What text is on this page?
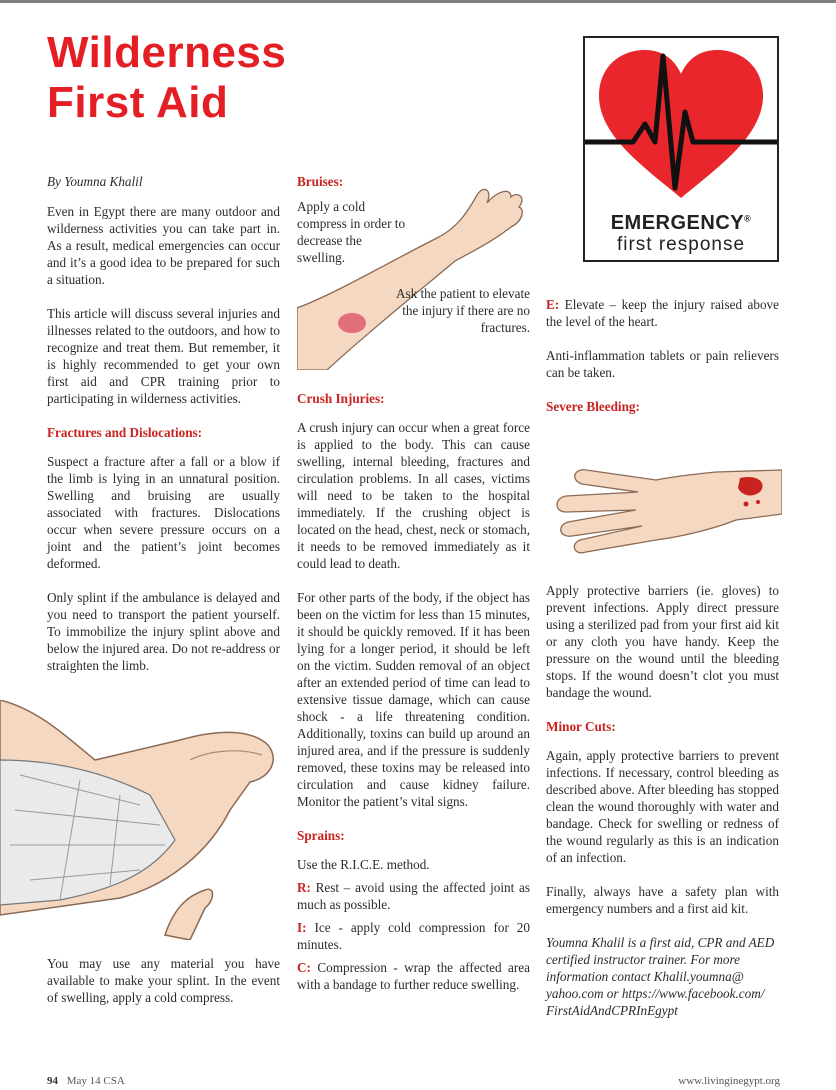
Wilderness
First Aid
EMERGENCY®
first response

By Youmna Khalil

Even in Egypt there are many outdoor and wilderness activities you can take part in. As a result, medical emergencies can occur and it’s a good idea to be prepared for such a situation.

This article will discuss several injuries and illnesses related to the outdoors, and how to recognize and treat them. But remember, it is highly recommended to get your own first aid and CPR training prior to participating in wilderness activities.

Fractures and Dislocations:

Suspect a fracture after a fall or a blow if the limb is lying in an unnatural position. Swelling and bruising are usually associated with fractures. Dislocations occur when severe pressure occurs on a joint and the patient’s joint becomes deformed.

Only splint if the ambulance is delayed and you need to transport the patient yourself. To immobilize the injury splint above and below the injured area. Do not re-address or straighten the limb.

You may use any material you have available to make your splint. In the event of swelling, apply a cold compress.

Bruises:

Apply a cold compress in order to decrease the swelling.

Ask the patient to elevate the injury if there are no fractures.

Crush Injuries:

A crush injury can occur when a great force is applied to the body. This can cause swelling, internal bleeding, fractures and circulation problems. In all cases, victims will need to be taken to the hospital immediately. If the crushing object is located on the head, chest, neck or stomach, it needs to be removed immediately as it could lead to death.

For other parts of the body, if the object has been on the victim for less than 15 minutes, it should be quickly removed. If it has been lying for a longer period, it should be left on the victim. Sudden removal of an object after an extended period of time can lead to extensive tissue damage, which can cause shock - a life threatening condition. Additionally, toxins can build up around an injured area, and if the pressure is suddenly removed, these toxins may be released into circulation and cause kidney failure. Monitor the patient’s vital signs.

Sprains:

Use the R.I.C.E. method.

R: Rest – avoid using the affected joint as much as possible.

I: Ice - apply cold compression for 20 minutes.

C: Compression - wrap the affected area with a bandage to further reduce swelling.

E: Elevate – keep the injury raised above the level of the heart.

Anti-inflammation tablets or pain relievers can be taken.

Severe Bleeding:

Apply protective barriers (ie. gloves) to prevent infections. Apply direct pressure using a sterilized pad from your first aid kit or any cloth you have handy. Keep the pressure on the wound until the bleeding stops. If the wound doesn’t clot you must bandage the wound.

Minor Cuts:

Again, apply protective barriers to prevent infections. If necessary, control bleeding as described above. After bleeding has stopped clean the wound thoroughly with water and bandage. Check for swelling or redness of the wound regularly as this is an indication of an infection.

Finally, always have a safety plan with emergency numbers and a first aid kit.

Youmna Khalil is a first aid, CPR and AED certified instructor trainer. For more information contact Khalil.youmna@ yahoo.com or https://www.facebook.com/ FirstAidAndCPRInEgypt

94 May 14 CSA	www.livinginegypt.org
